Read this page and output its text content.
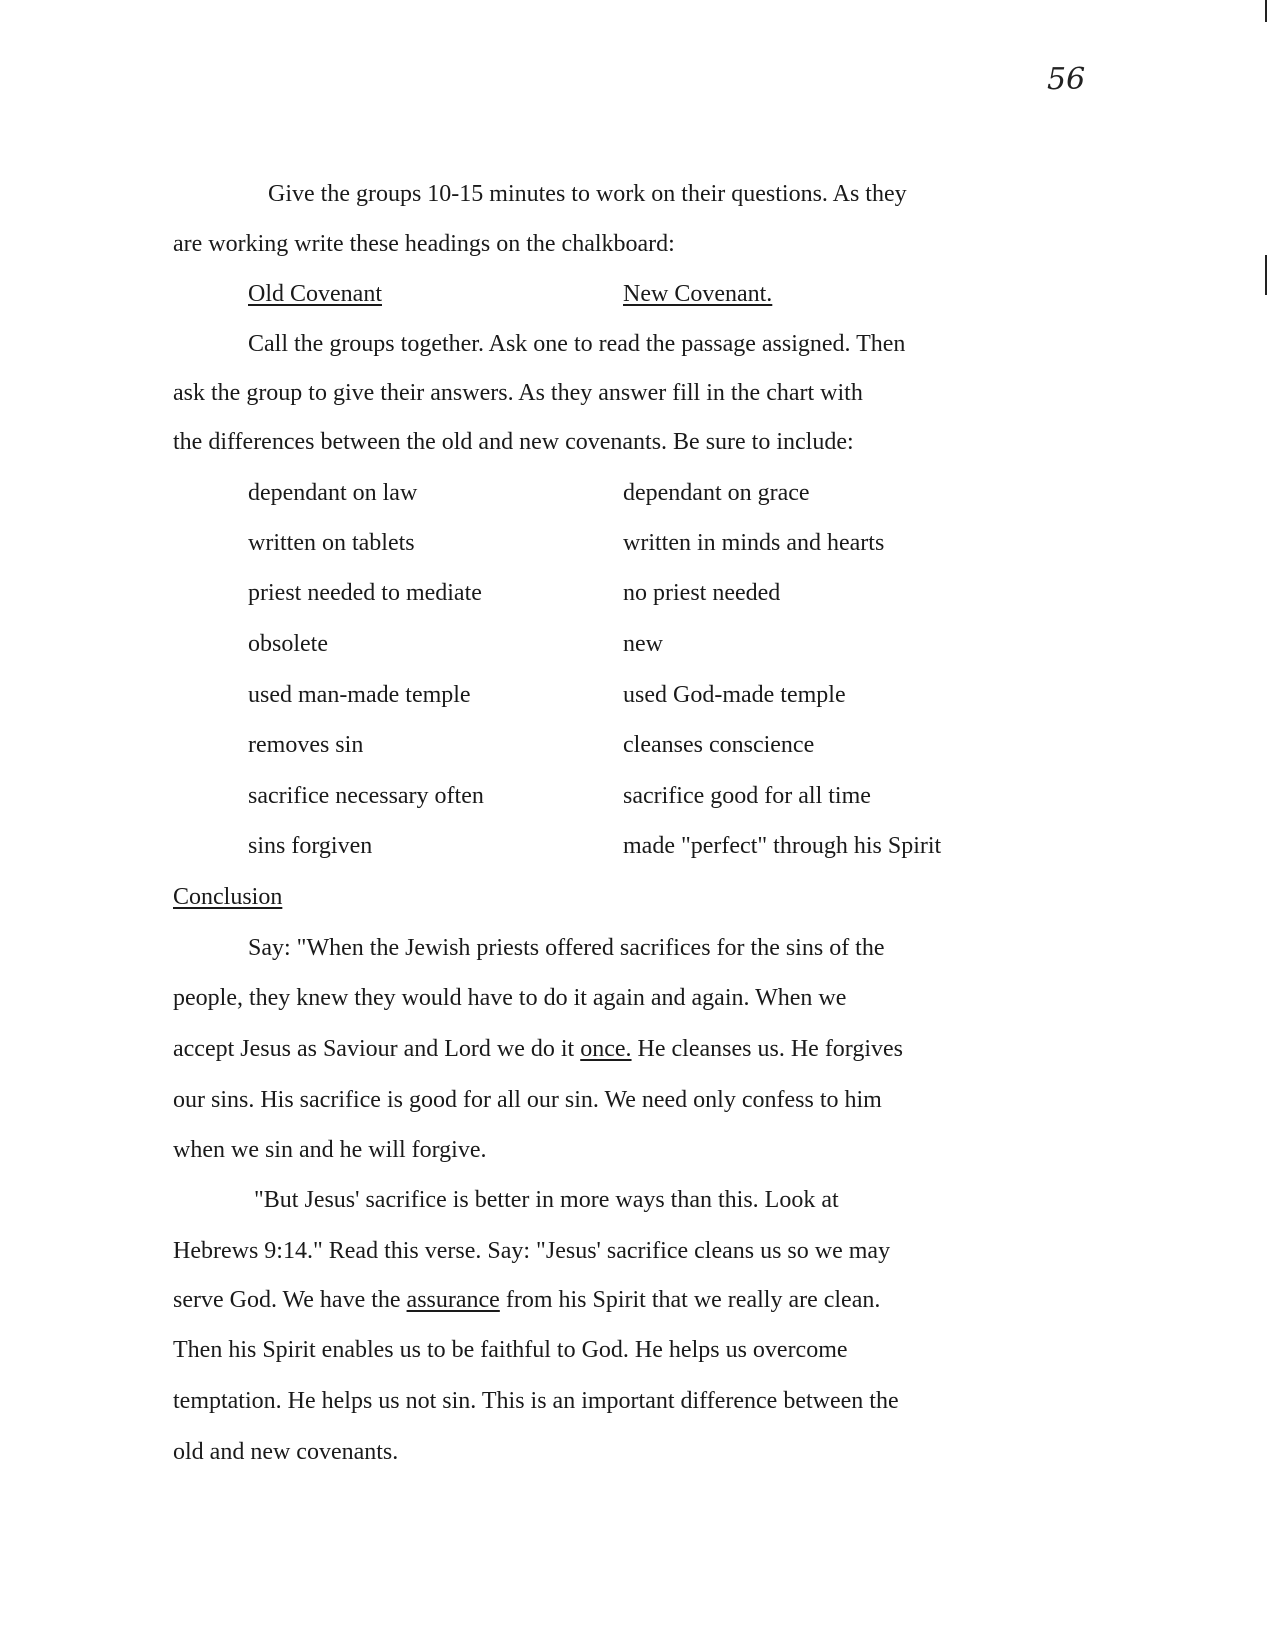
56
Give the groups 10-15 minutes to work on their questions. As they
are working write these headings on the chalkboard:
Old Covenant	New Covenant.
Call the groups together. Ask one to read the passage assigned. Then
ask the group to give their answers. As they answer fill in the chart with
the differences between the old and new covenants. Be sure to include:
dependant on law	dependant on grace
written on tablets	written in minds and hearts
priest needed to mediate	no priest needed
obsolete	new
used man-made temple	used God-made temple
removes sin	cleanses conscience
sacrifice necessary often	sacrifice good for all time
sins forgiven	made "perfect" through his Spirit
Conclusion
Say: "When the Jewish priests offered sacrifices for the sins of the
people, they knew they would have to do it again and again. When we
accept Jesus as Saviour and Lord we do it once. He cleanses us. He forgives
our sins. His sacrifice is good for all our sin. We need only confess to him
when we sin and he will forgive.
"But Jesus' sacrifice is better in more ways than this. Look at
Hebrews 9:14." Read this verse. Say: "Jesus' sacrifice cleans us so we may
serve God. We have the assurance from his Spirit that we really are clean.
Then his Spirit enables us to be faithful to God. He helps us overcome
temptation. He helps us not sin. This is an important difference between the
old and new covenants.
